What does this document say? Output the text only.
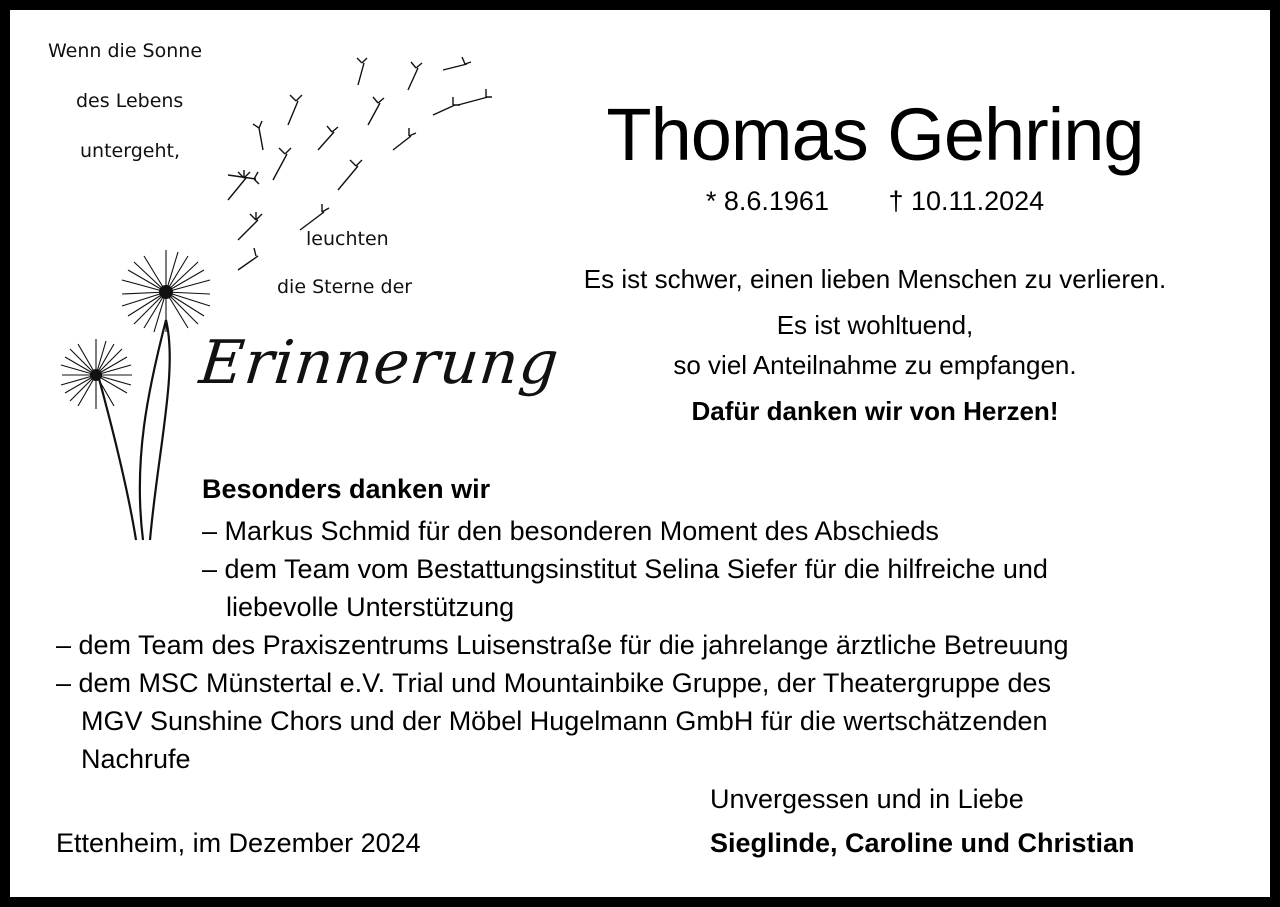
Wenn die Sonne
des Lebens
untergeht,
leuchten
die Sterne der
Erinnerung
Thomas Gehring
* 8.6.1961 † 10.11.2024
Es ist schwer, einen lieben Menschen zu verlieren.
Es ist wohltuend,
so viel Anteilnahme zu empfangen.
Dafür danken wir von Herzen!
Besonders danken wir
– Markus Schmid für den besonderen Moment des Abschieds
– dem Team vom Bestattungsinstitut Selina Siefer für die hilfreiche und
liebevolle Unterstützung
– dem Team des Praxiszentrums Luisenstraße für die jahrelange ärztliche Betreuung
– dem MSC Münstertal e.V. Trial und Mountainbike Gruppe, der Theatergruppe des
MGV Sunshine Chors und der Möbel Hugelmann GmbH für die wertschätzenden
Nachrufe
Unvergessen und in Liebe
Ettenheim, im Dezember 2024	Sieglinde, Caroline und Christian
